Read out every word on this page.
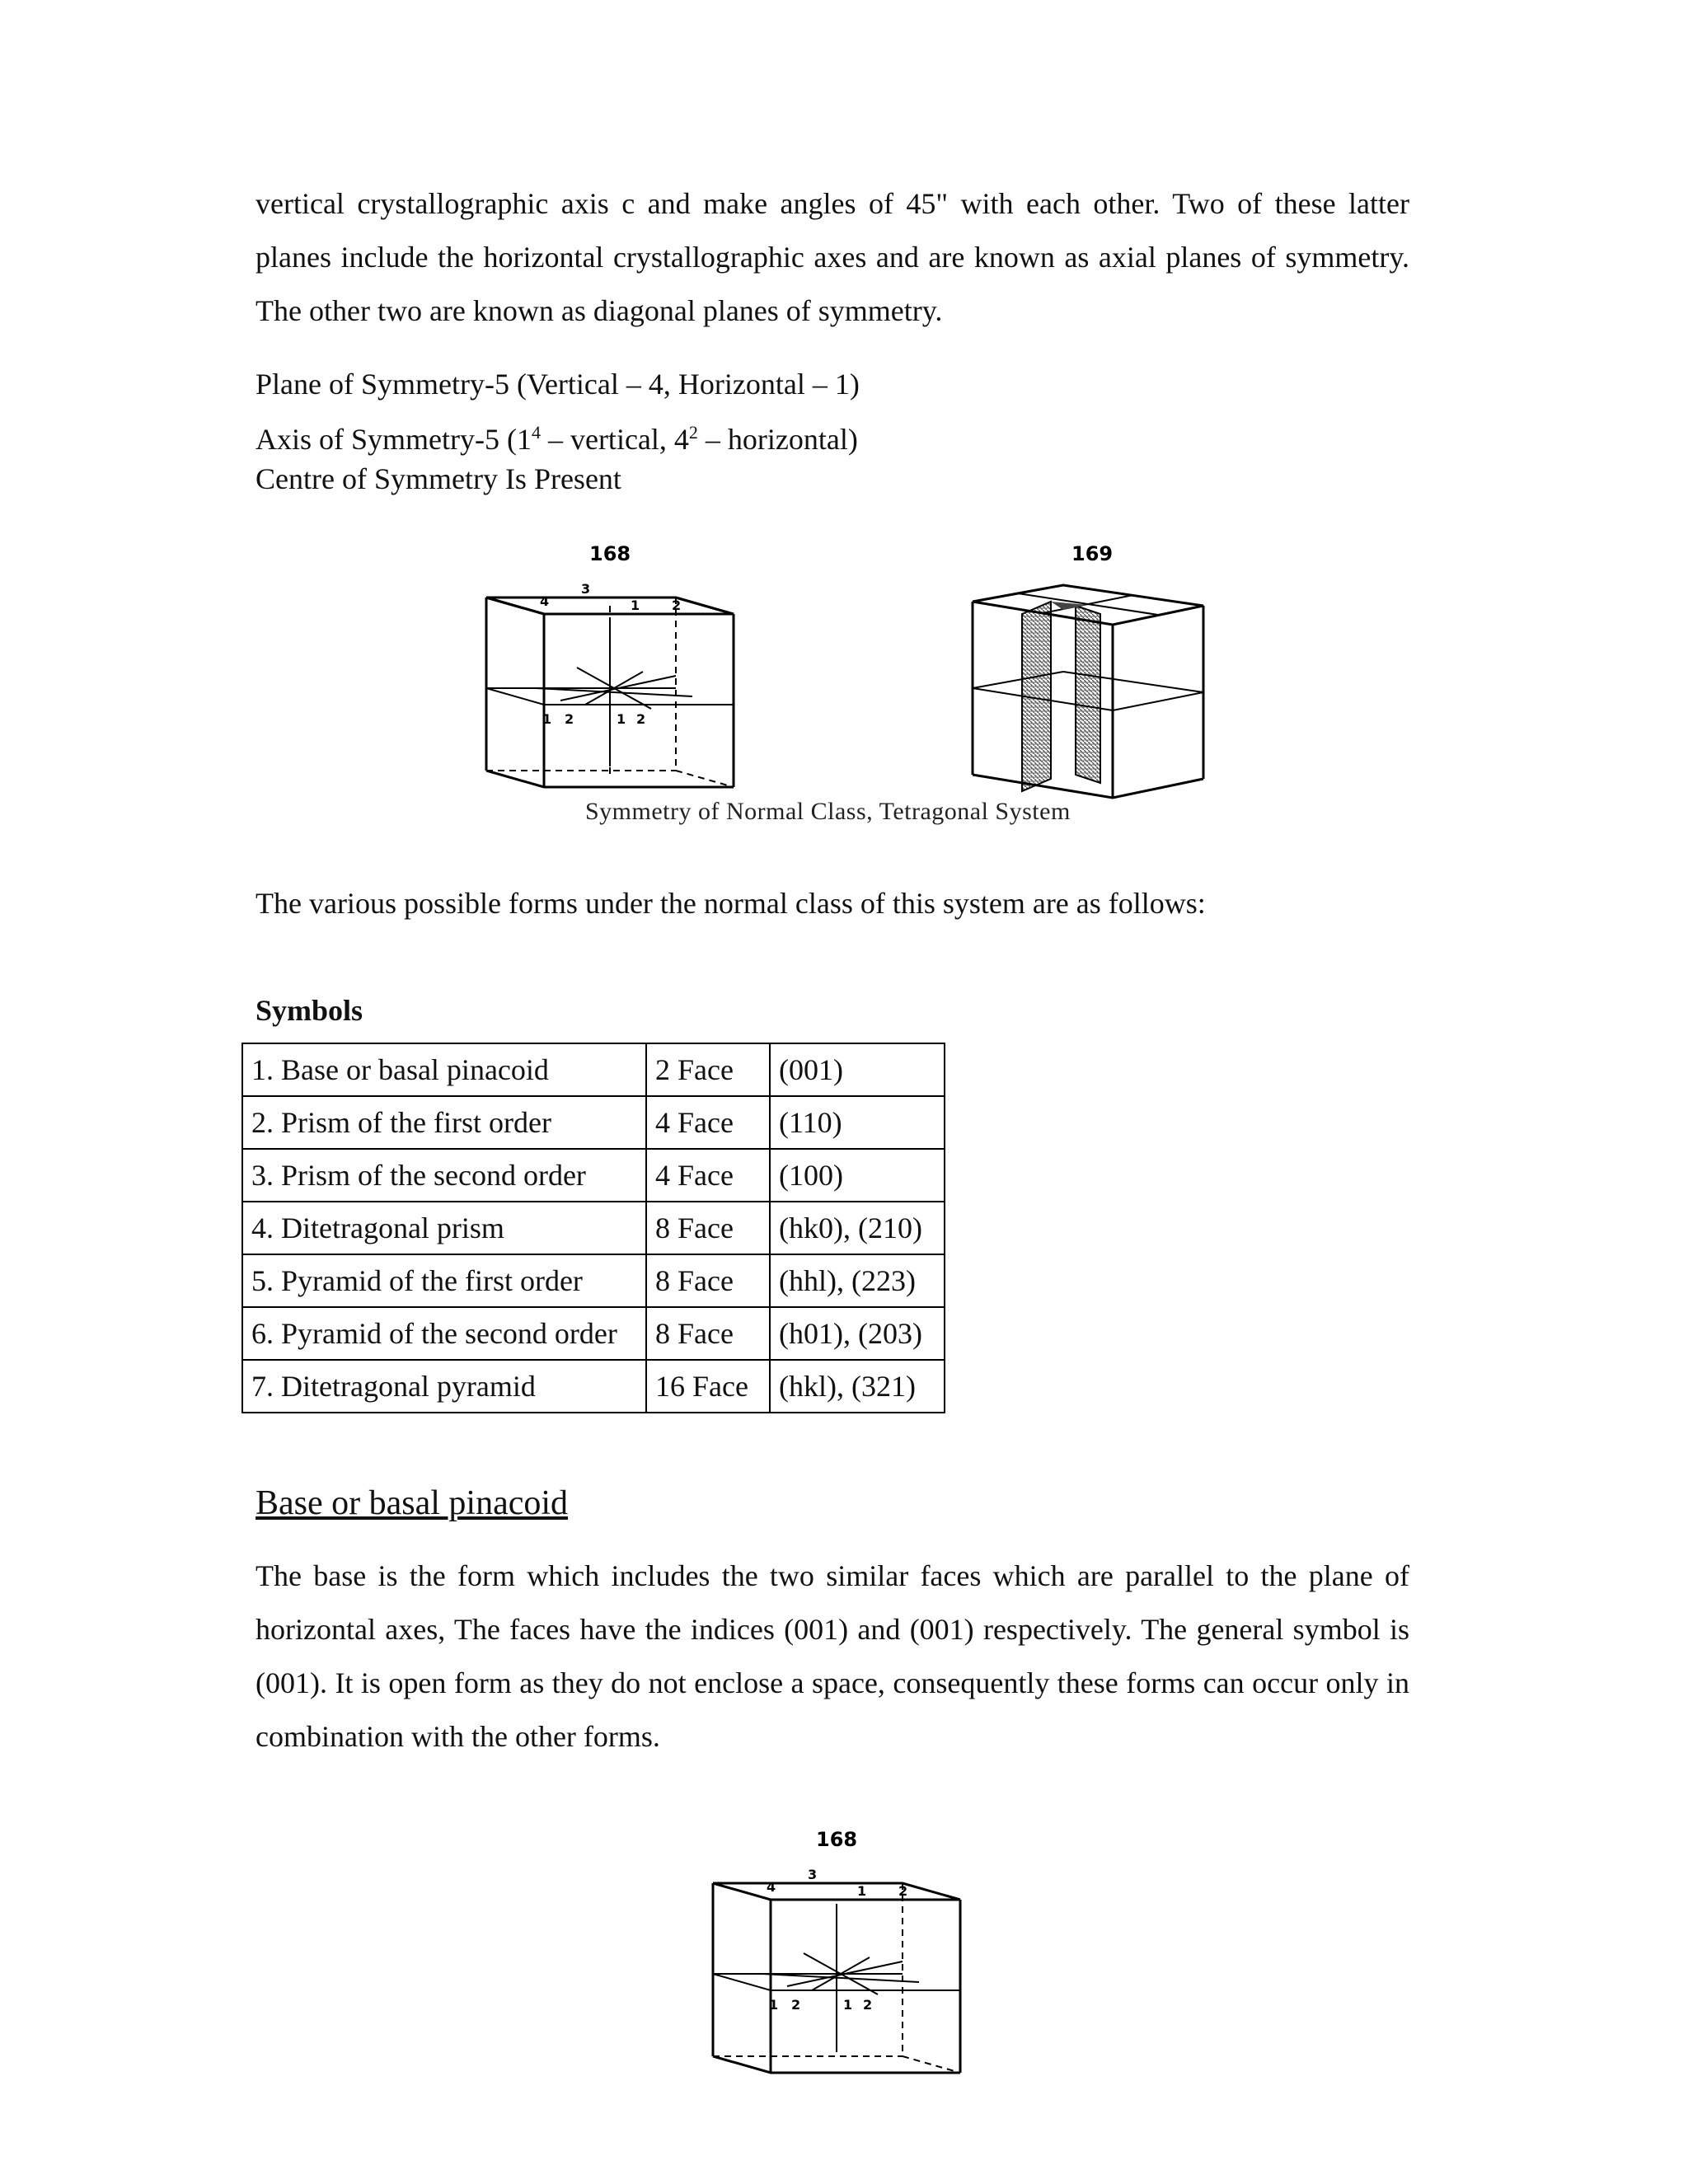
vertical crystallographic axis c and make angles of 45" with each other. Two of these latter planes include the horizontal crystallographic axes and are known as axial planes of symmetry. The other two are known as diagonal planes of symmetry.

Plane of Symmetry-5 (Vertical – 4, Horizontal – 1)

Axis of Symmetry-5 ($1^4$ – vertical, $4^2$ – horizontal)

Centre of Symmetry Is Present

168
3
4	1 2
1 2	1 2
169
Symmetry of Normal Class, Tetragonal System

The various possible forms under the normal class of this system are as follows:

Symbols

1. Base or basal pinacoid	2 Face	(001)
2. Prism of the first order	4 Face	(110)
3. Prism of the second order	4 Face	(100)
4. Ditetragonal prism	8 Face	(hk0), (210)
5. Pyramid of the first order	8 Face	(hhl), (223)
6. Pyramid of the second order	8 Face	(h01), (203)
7. Ditetragonal pyramid	16 Face	(hkl), (321)
Base or basal pinacoid

The base is the form which includes the two similar faces which are parallel to the plane of horizontal axes, The faces have the indices (001) and (001) respectively. The general symbol is (001). It is open form as they do not enclose a space, consequently these forms can occur only in combination with the other forms.

168
3
4	1 2
1 2	1 2
